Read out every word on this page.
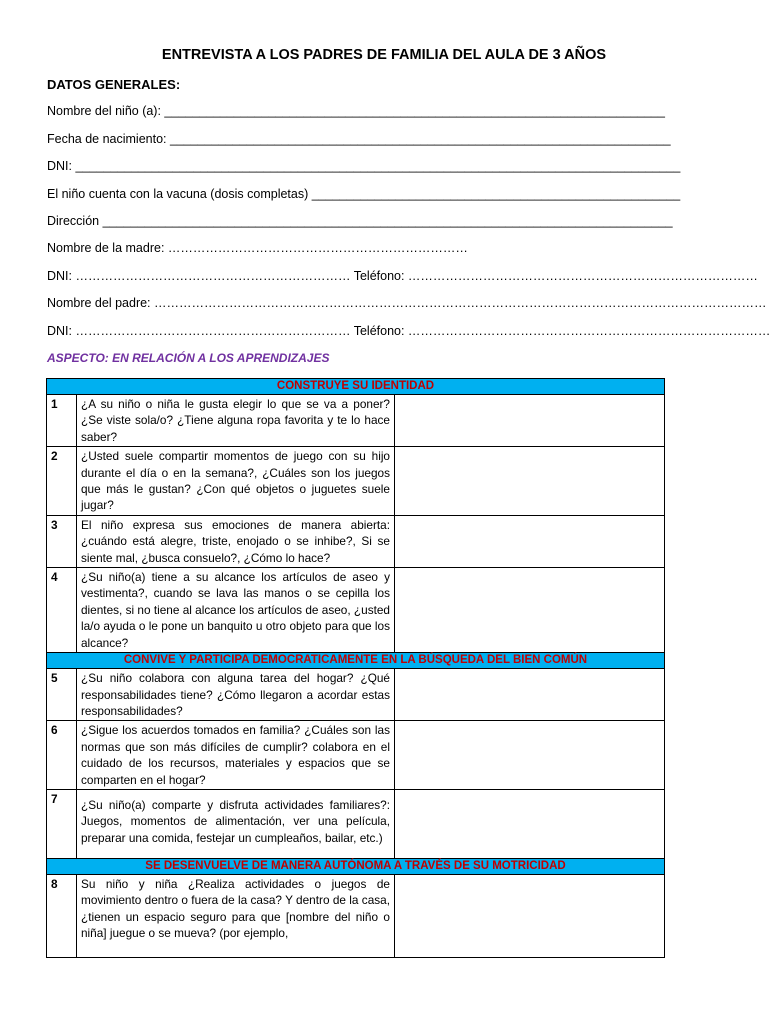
ENTREVISTA A LOS PADRES DE FAMILIA DEL AULA DE 3 AÑOS
DATOS GENERALES:
Nombre del niño (a): ________________________________________________________________________
Fecha de nacimiento: ________________________________________________________________________
DNI: _______________________________________________________________________________________
El niño cuenta con la vacuna (dosis completas) _____________________________________________________
Dirección __________________________________________________________________________________
Nombre de la madre: ………………………………………………………………
DNI: ………………………………………………………… Teléfono: …………………………………………………………………………
Nombre del padre: …………………………………………………………………………………………………………………………………
DNI: ………………………………………………………… Teléfono: ……………………………………………………………………………
ASPECTO: EN RELACIÓN A LOS APRENDIZAJES
CONSTRUYE SU IDENTIDAD		
1	¿A su niño o niña le gusta elegir lo que se va a poner? ¿Se viste sola/o? ¿Tiene alguna ropa favorita y te lo hace saber?	
2	¿Usted suele compartir momentos de juego con su hijo durante el día o en la semana?, ¿Cuáles son los juegos que más le gustan? ¿Con qué objetos o juguetes suele jugar?	
3	El niño expresa sus emociones de manera abierta: ¿cuándo está alegre, triste, enojado o se inhibe?, Si se siente mal, ¿busca consuelo?, ¿Cómo lo hace?	
4	¿Su niño(a) tiene a su alcance los artículos de aseo y vestimenta?, cuando se lava las manos o se cepilla los dientes, si no tiene al alcance los artículos de aseo, ¿usted la/o ayuda o le pone un banquito u otro objeto para que los alcance?	
CONVIVE Y PARTICIPA DEMOCRATICAMENTE EN LA BÚSQUEDA DEL BIEN COMÚN		
5	¿Su niño colabora con alguna tarea del hogar? ¿Qué responsabilidades tiene? ¿Cómo llegaron a acordar estas responsabilidades?	
6	¿Sigue los acuerdos tomados en familia? ¿Cuáles son las normas que son más difíciles de cumplir? colabora en el cuidado de los recursos, materiales y espacios que se comparten en el hogar?	
7	¿Su niño(a) comparte y disfruta actividades familiares?: Juegos, momentos de alimentación, ver una película, preparar una comida, festejar un cumpleaños, bailar, etc.)	
SE DESENVUELVE DE MANERA AUTÓNOMA A TRAVÉS DE SU MOTRICIDAD		
8	Su niño y niña ¿Realiza actividades o juegos de movimiento dentro o fuera de la casa? Y dentro de la casa, ¿tienen un espacio seguro para que [nombre del niño o niña] juegue o se mueva? (por ejemplo,	
